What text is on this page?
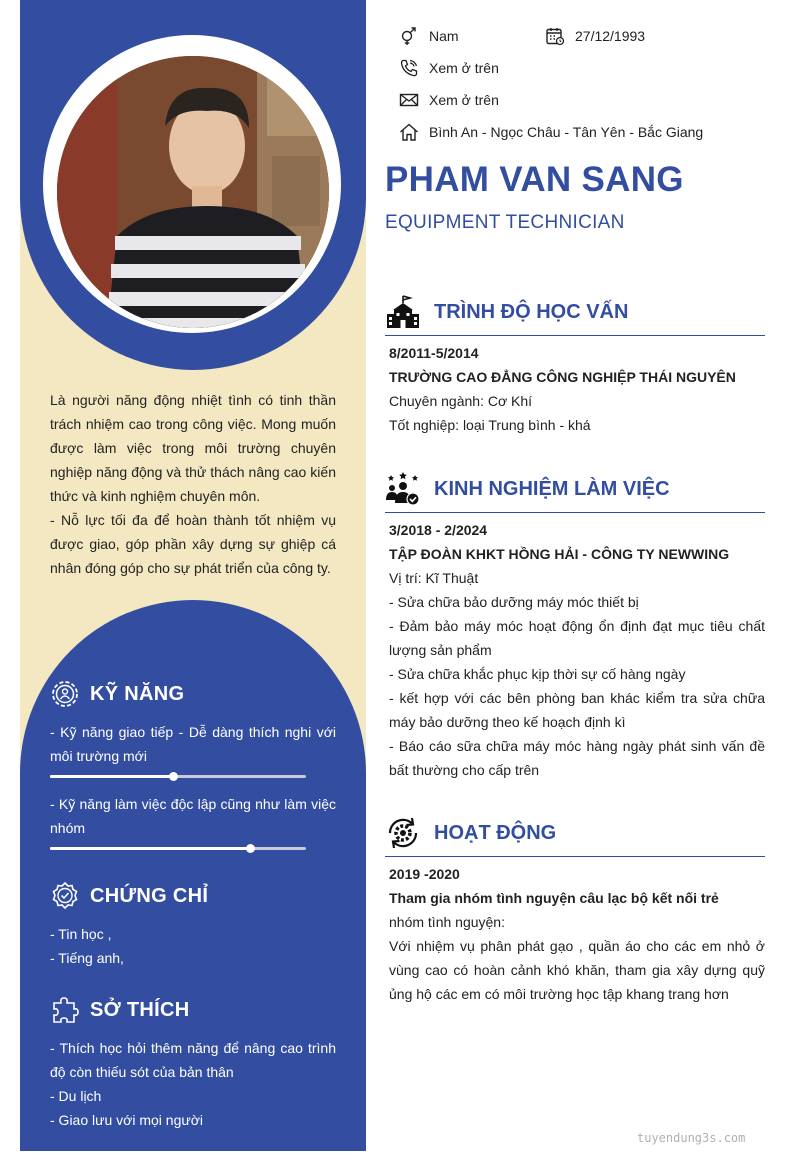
Là người năng động nhiệt tình có tinh thần trách nhiệm cao trong công việc. Mong muốn được làm việc trong môi trường chuyên nghiệp năng động và thử thách nâng cao kiến thức và kinh nghiệm chuyên môn.

- Nỗ lực tối đa để hoàn thành tốt nhiệm vụ được giao, góp phần xây dựng sự ghiệp cá nhân đóng góp cho sự phát triển của công ty.

KỸ NĂNG
- Kỹ năng giao tiếp - Dễ dàng thích nghi với môi trường mới
- Kỹ năng làm việc độc lập cũng như làm việc nhóm
CHỨNG CHỈ
- Tin học ,
- Tiếng anh,
SỞ THÍCH
- Thích học hỏi thêm năng để nâng cao trình độ còn thiếu sót của bản thân
- Du lịch
- Giao lưu với mọi người
Nam	27/12/1993
Xem ở trên
Xem ở trên
Bình An - Ngọc Châu - Tân Yên - Bắc Giang
PHAM VAN SANG
EQUIPMENT TECHNICIAN
TRÌNH ĐỘ HỌC VẤN
8/2011-5/2014
TRƯỜNG CAO ĐẲNG CÔNG NGHIỆP THÁI NGUYÊN
Chuyên ngành: Cơ Khí
Tốt nghiệp: loại Trung bình - khá
KINH NGHIỆM LÀM VIỆC
3/2018 - 2/2024
TẬP ĐOÀN KHKT HỒNG HẢI - CÔNG TY NEWWING
Vị trí: Kĩ Thuật
- Sửa chữa bảo dưỡng máy móc thiết bị
- Đảm bảo máy móc hoạt động ổn định đạt mục tiêu chất lượng sản phẩm
- Sửa chữa khắc phục kịp thời sự cố hàng ngày
- kết hợp với các bên phòng ban khác kiểm tra sửa chữa máy bảo dưỡng theo kế hoạch định kì
- Báo cáo sữa chữa máy móc hàng ngày phát sinh vấn đề bất thường cho cấp trên
HOẠT ĐỘNG
2019 -2020
Tham gia nhóm tình nguyện câu lạc bộ kết nối trẻ
nhóm tình nguyện:
Với nhiệm vụ phân phát gạo , quần áo cho các em nhỏ ở vùng cao có hoàn cảnh khó khăn, tham gia xây dựng quỹ ủng hộ các em có môi trường học tập khang trang hơn
tuyendung3s.com
